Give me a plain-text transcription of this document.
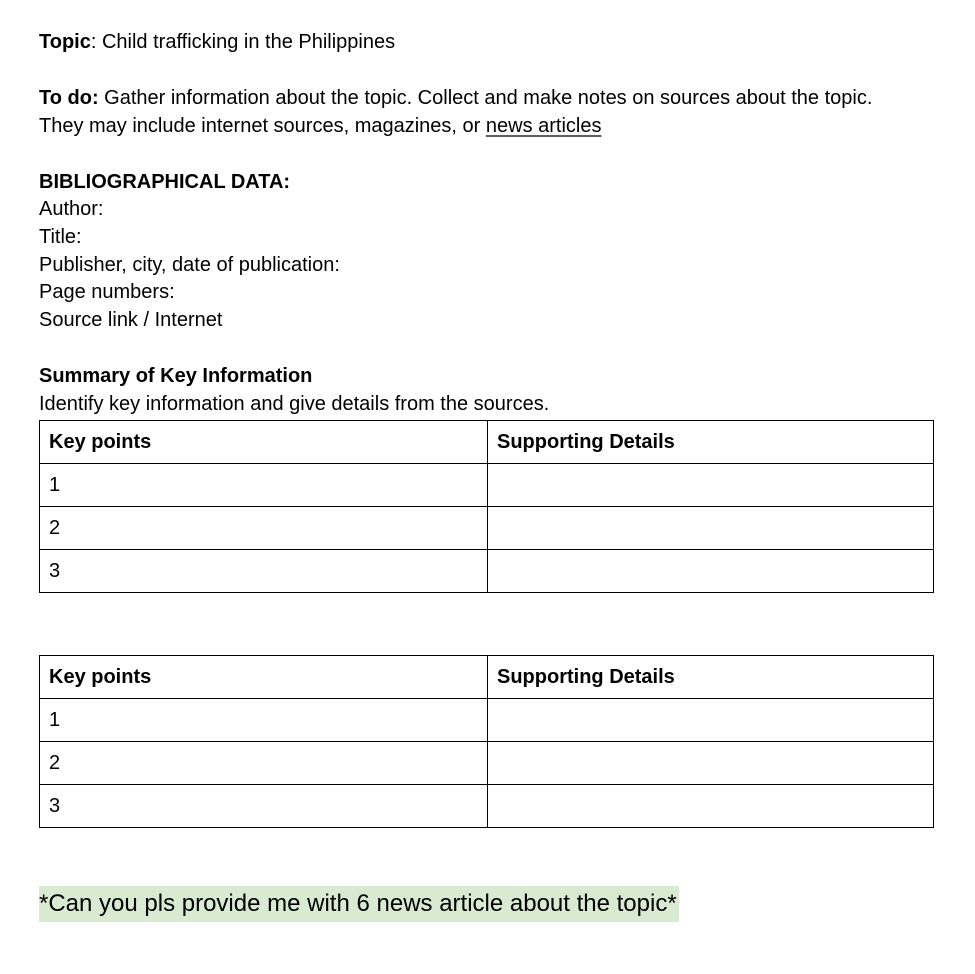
Topic: Child trafficking in the Philippines
To do: Gather information about the topic. Collect and make notes on sources about the topic.
They may include internet sources, magazines, or news articles
BIBLIOGRAPHICAL DATA:
Author:
Title:
Publisher, city, date of publication:
Page numbers:
Source link / Internet
Summary of Key Information
Identify key information and give details from the sources.
Key points	Supporting Details
1	
2	
3	
Key points	Supporting Details
1	
2	
3	
*Can you pls provide me with 6 news article about the topic*
